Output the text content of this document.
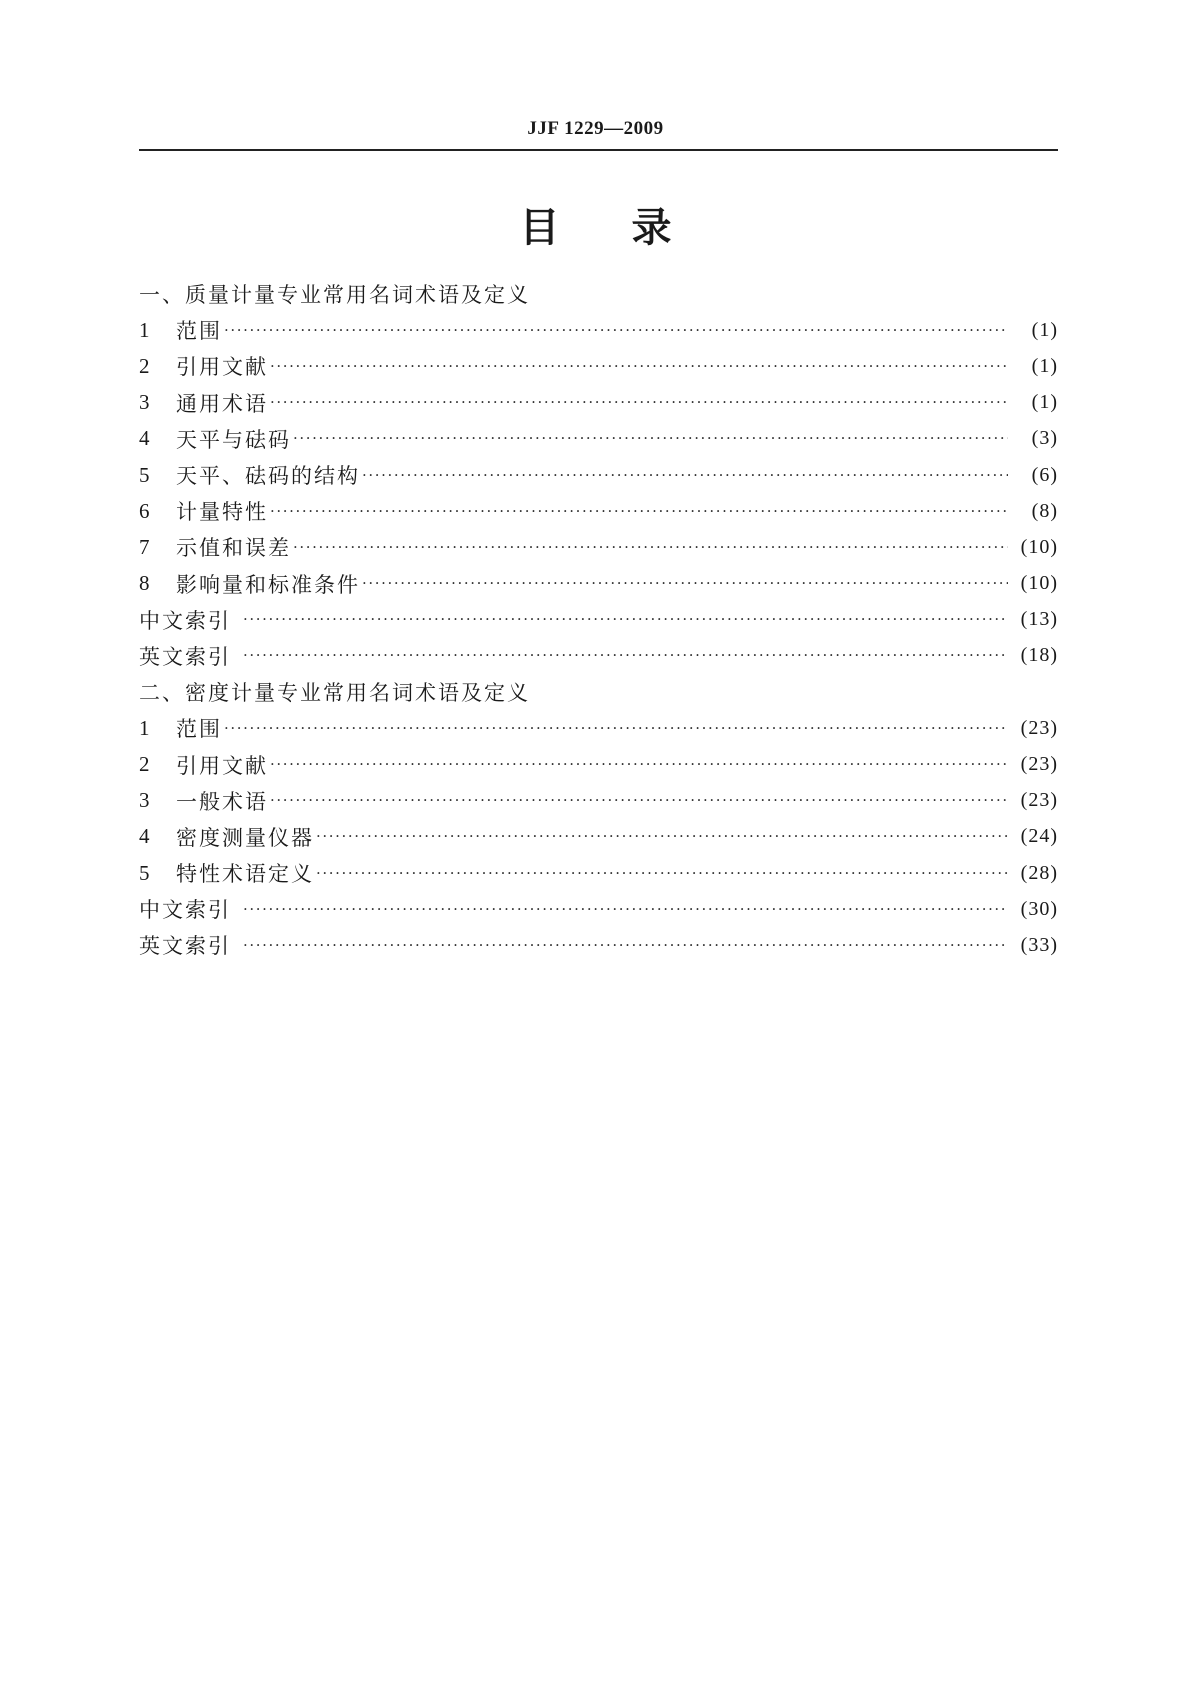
JJF 1229—2009
目录
一、质量计量专业常用名词术语及定义
1	范围 ·····	(1)
2	引用文献 ·····	(1)
3	通用术语 ·····	(1)
4	天平与砝码 ·····	(3)
5	天平、砝码的结构 ·····	(6)
6	计量特性 ·····	(8)
7	示值和误差 ·····	(10)
8	影响量和标准条件 ·····	(10)
中文索引 ·····	(13)
英文索引 ·····	(18)
二、密度计量专业常用名词术语及定义
1	范围 ·····	(23)
2	引用文献 ·····	(23)
3	一般术语 ·····	(23)
4	密度测量仪器 ·····	(24)
5	特性术语定义 ·····	(28)
中文索引 ·····	(30)
英文索引 ·····	(33)
